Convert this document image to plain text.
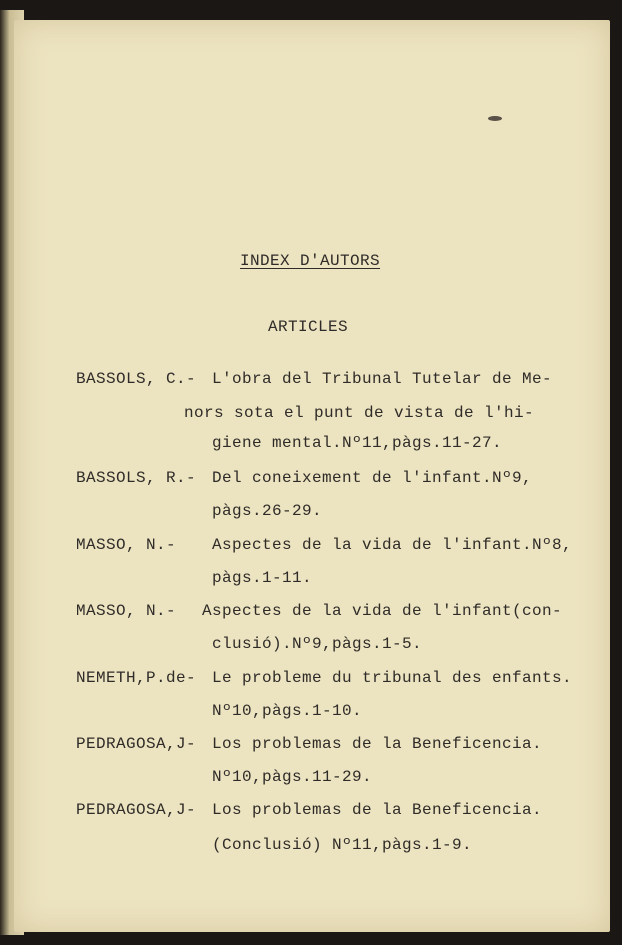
INDEX D'AUTORS
ARTICLES
BASSOLS, C.- L'obra del Tribunal Tutelar de Me-
nors sota el punt de vista de l'hi-
giene mental.Nº11,pàgs.11-27.
BASSOLS, R.- Del coneixement de l'infant.Nº9,
pàgs.26-29.
MASSO, N.- Aspectes de la vida de l'infant.Nº8,
pàgs.1-11.
MASSO, N.- Aspectes de la vida de l'infant(con-
clusió).Nº9,pàgs.1-5.
NEMETH,P.de- Le probleme du tribunal des enfants.
Nº10,pàgs.1-10.
PEDRAGOSA,J- Los problemas de la Beneficencia.
Nº10,pàgs.11-29.
PEDRAGOSA,J- Los problemas de la Beneficencia.
(Conclusió) Nº11,pàgs.1-9.
